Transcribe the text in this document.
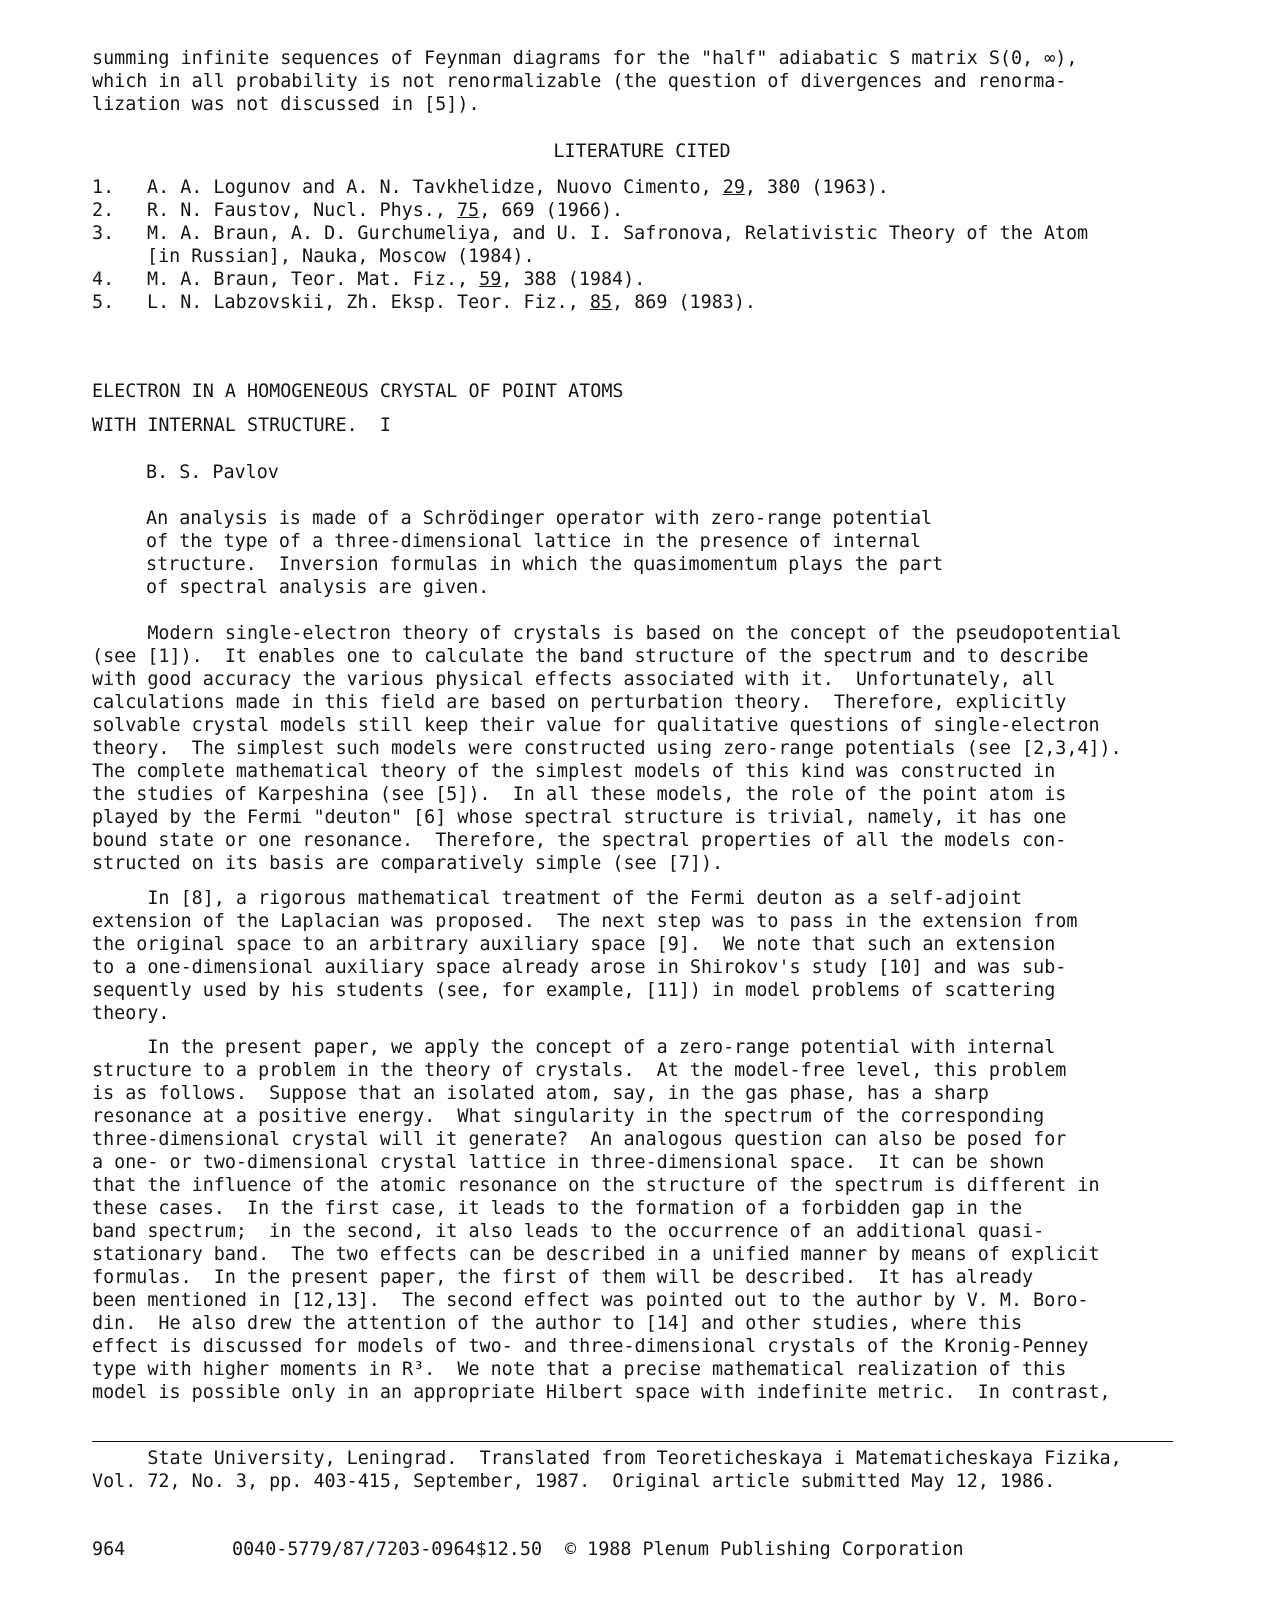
summing infinite sequences of Feynman diagrams for the "half" adiabatic S matrix S(0, ∞),
which in all probability is not renormalizable (the question of divergences and renorma-
lization was not discussed in [5]).
LITERATURE CITED
1.	A. A. Logunov and A. N. Tavkhelidze, Nuovo Cimento, 29, 380 (1963).
2.	R. N. Faustov, Nucl. Phys., 75, 669 (1966).
3.	M. A. Braun, A. D. Gurchumeliya, and U. I. Safronova, Relativistic Theory of the Atom
[in Russian], Nauka, Moscow (1984).
4.	M. A. Braun, Teor. Mat. Fiz., 59, 388 (1984).
5.	L. N. Labzovskii, Zh. Eksp. Teor. Fiz., 85, 869 (1983).
ELECTRON IN A HOMOGENEOUS CRYSTAL OF POINT ATOMS
WITH INTERNAL STRUCTURE.  I
B. S. Pavlov
An analysis is made of a Schrödinger operator with zero-range potential
of the type of a three-dimensional lattice in the presence of internal
structure.  Inversion formulas in which the quasimomentum plays the part
of spectral analysis are given.
Modern single-electron theory of crystals is based on the concept of the pseudopotential
(see [1]).  It enables one to calculate the band structure of the spectrum and to describe
with good accuracy the various physical effects associated with it.  Unfortunately, all
calculations made in this field are based on perturbation theory.  Therefore, explicitly
solvable crystal models still keep their value for qualitative questions of single-electron
theory.  The simplest such models were constructed using zero-range potentials (see [2,3,4]).
The complete mathematical theory of the simplest models of this kind was constructed in
the studies of Karpeshina (see [5]).  In all these models, the role of the point atom is
played by the Fermi "deuton" [6] whose spectral structure is trivial, namely, it has one
bound state or one resonance.  Therefore, the spectral properties of all the models con-
structed on its basis are comparatively simple (see [7]).
In [8], a rigorous mathematical treatment of the Fermi deuton as a self-adjoint
extension of the Laplacian was proposed.  The next step was to pass in the extension from
the original space to an arbitrary auxiliary space [9].  We note that such an extension
to a one-dimensional auxiliary space already arose in Shirokov's study [10] and was sub-
sequently used by his students (see, for example, [11]) in model problems of scattering
theory.
In the present paper, we apply the concept of a zero-range potential with internal
structure to a problem in the theory of crystals.  At the model-free level, this problem
is as follows.  Suppose that an isolated atom, say, in the gas phase, has a sharp
resonance at a positive energy.  What singularity in the spectrum of the corresponding
three-dimensional crystal will it generate?  An analogous question can also be posed for
a one- or two-dimensional crystal lattice in three-dimensional space.  It can be shown
that the influence of the atomic resonance on the structure of the spectrum is different in
these cases.  In the first case, it leads to the formation of a forbidden gap in the
band spectrum;  in the second, it also leads to the occurrence of an additional quasi-
stationary band.  The two effects can be described in a unified manner by means of explicit
formulas.  In the present paper, the first of them will be described.  It has already
been mentioned in [12,13].  The second effect was pointed out to the author by V. M. Boro-
din.  He also drew the attention of the author to [14] and other studies, where this
effect is discussed for models of two- and three-dimensional crystals of the Kronig-Penney
type with higher moments in R³.  We note that a precise mathematical realization of this
model is possible only in an appropriate Hilbert space with indefinite metric.  In contrast,
State University, Leningrad.  Translated from Teoreticheskaya i Matematicheskaya Fizika,
Vol. 72, No. 3, pp. 403-415, September, 1987.  Original article submitted May 12, 1986.
964	0040-5779/87/7203-0964$12.50 © 1988 Plenum Publishing Corporation
